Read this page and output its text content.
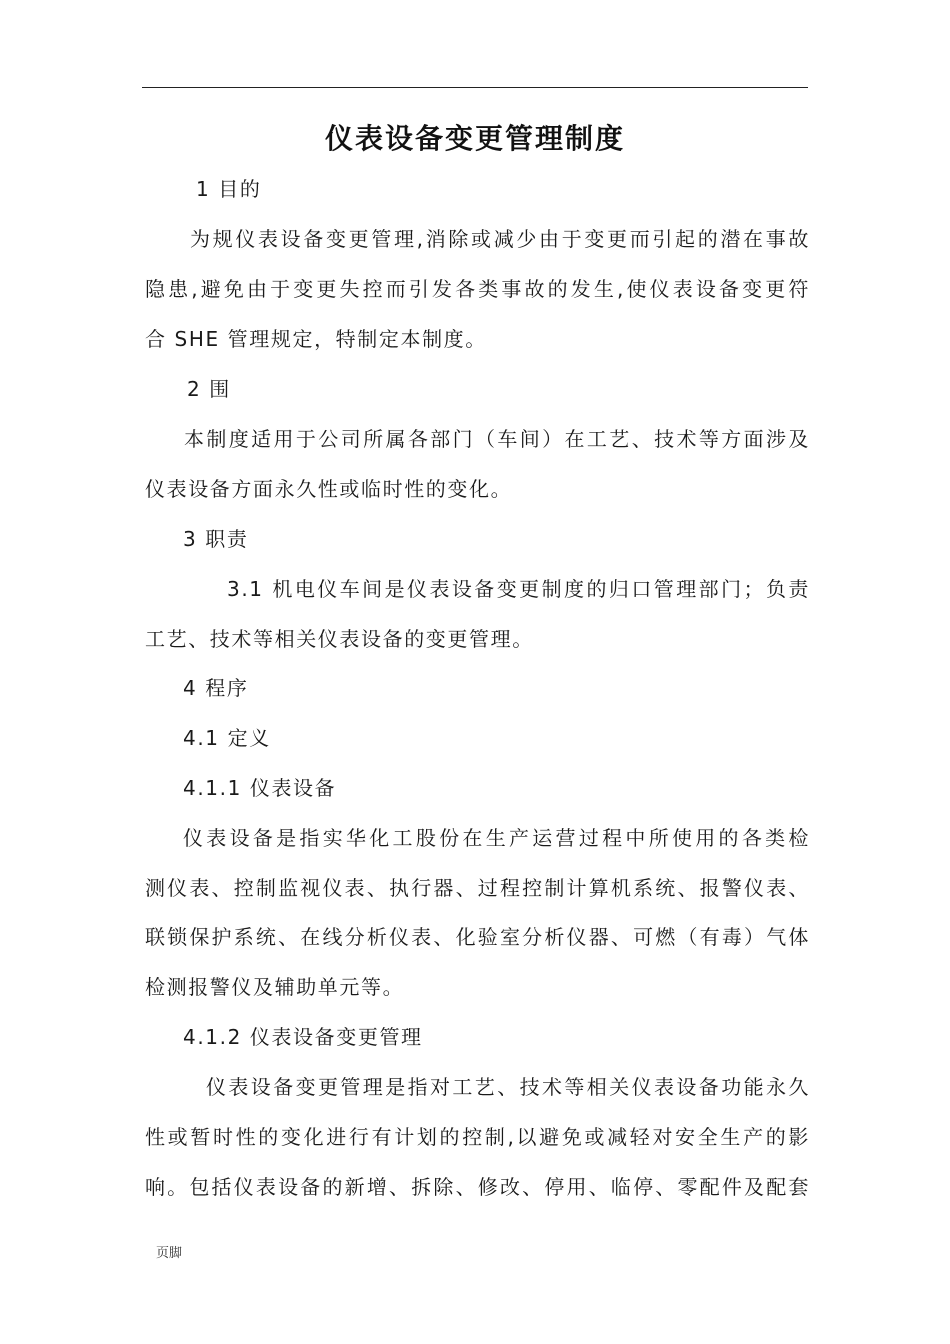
仪表设备变更管理制度
1 目的
为规仪表设备变更管理,消除或减少由于变更而引起的潜在事故
隐患,避免由于变更失控而引发各类事故的发生,使仪表设备变更符
合 SHE 管理规定，特制定本制度。
2 围
本制度适用于公司所属各部门（车间）在工艺、技术等方面涉及
仪表设备方面永久性或临时性的变化。
3 职责
3.1 机电仪车间是仪表设备变更制度的归口管理部门；负责
工艺、技术等相关仪表设备的变更管理。
4 程序
4.1 定义
4.1.1 仪表设备
仪表设备是指实华化工股份在生产运营过程中所使用的各类检
测仪表、控制监视仪表、执行器、过程控制计算机系统、报警仪表、
联锁保护系统、在线分析仪表、化验室分析仪器、可燃（有毒）气体
检测报警仪及辅助单元等。
4.1.2 仪表设备变更管理
仪表设备变更管理是指对工艺、技术等相关仪表设备功能永久
性或暂时性的变化进行有计划的控制,以避免或减轻对安全生产的影
响。包括仪表设备的新增、拆除、修改、停用、临停、零配件及配套
页脚
